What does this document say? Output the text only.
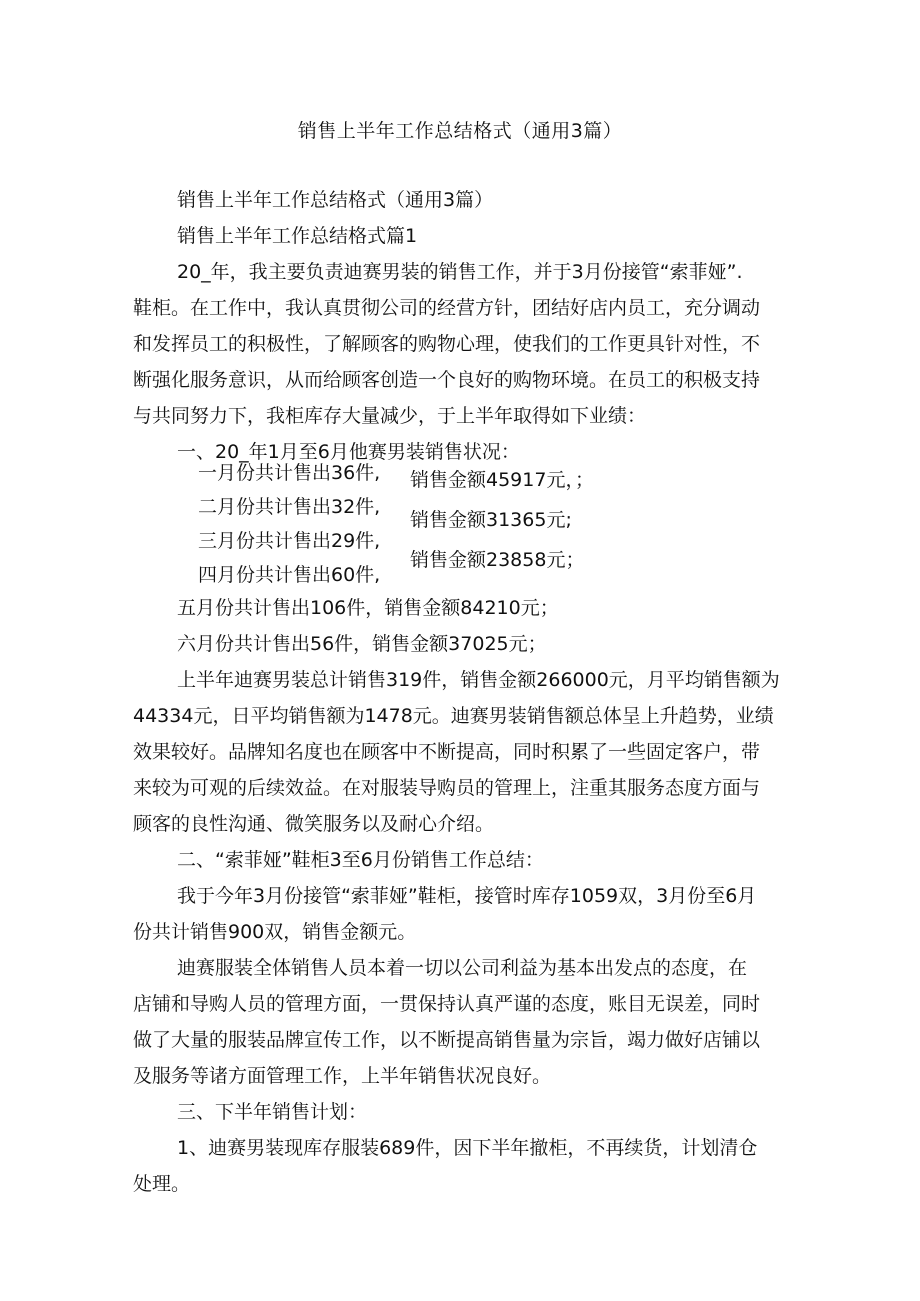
销售上半年工作总结格式（通用3篇）
销售上半年工作总结格式（通用3篇）
销售上半年工作总结格式篇1
20_年，我主要负责迪赛男装的销售工作，并于3月份接管“索菲娅”.
鞋柜。在工作中，我认真贯彻公司的经营方针，团结好店内员工，充分调动
和发挥员工的积极性，了解顾客的购物心理，使我们的工作更具针对性，不
断强化服务意识，从而给顾客创造一个良好的购物环境。在员工的积极支持
与共同努力下，我柜库存大量减少，于上半年取得如下业绩：
一、20_年1月至6月他赛男装销售状况：
一月份共计售出36件,
二月份共计售出32件,
三月份共计售出29件,
四月份共计售出60件,
销售金额45917元，；
销售金额31365元;
销售金额23858元；
五月份共计售出106件，销售金额84210元；
六月份共计售出56件，销售金额37025元；
上半年迪赛男装总计销售319件，销售金额266000元，月平均销售额为
44334元，日平均销售额为1478元。迪赛男装销售额总体呈上升趋势，业绩
效果较好。品牌知名度也在顾客中不断提高，同时积累了一些固定客户，带
来较为可观的后续效益。在对服装导购员的管理上，注重其服务态度方面与
顾客的良性沟通、微笑服务以及耐心介绍。
二、“索菲娅”鞋柜3至6月份销售工作总结：
我于今年3月份接管“索菲娅”鞋柜，接管时库存1059双，3月份至6月
份共计销售900双，销售金额元。
迪赛服装全体销售人员本着一切以公司利益为基本出发点的态度，在
店铺和导购人员的管理方面，一贯保持认真严谨的态度，账目无误差，同时
做了大量的服装品牌宣传工作，以不断提高销售量为宗旨，竭力做好店铺以
及服务等诸方面管理工作，上半年销售状况良好。
三、下半年销售计划：
1、迪赛男装现库存服装689件，因下半年撤柜，不再续货，计划清仓
处理。
